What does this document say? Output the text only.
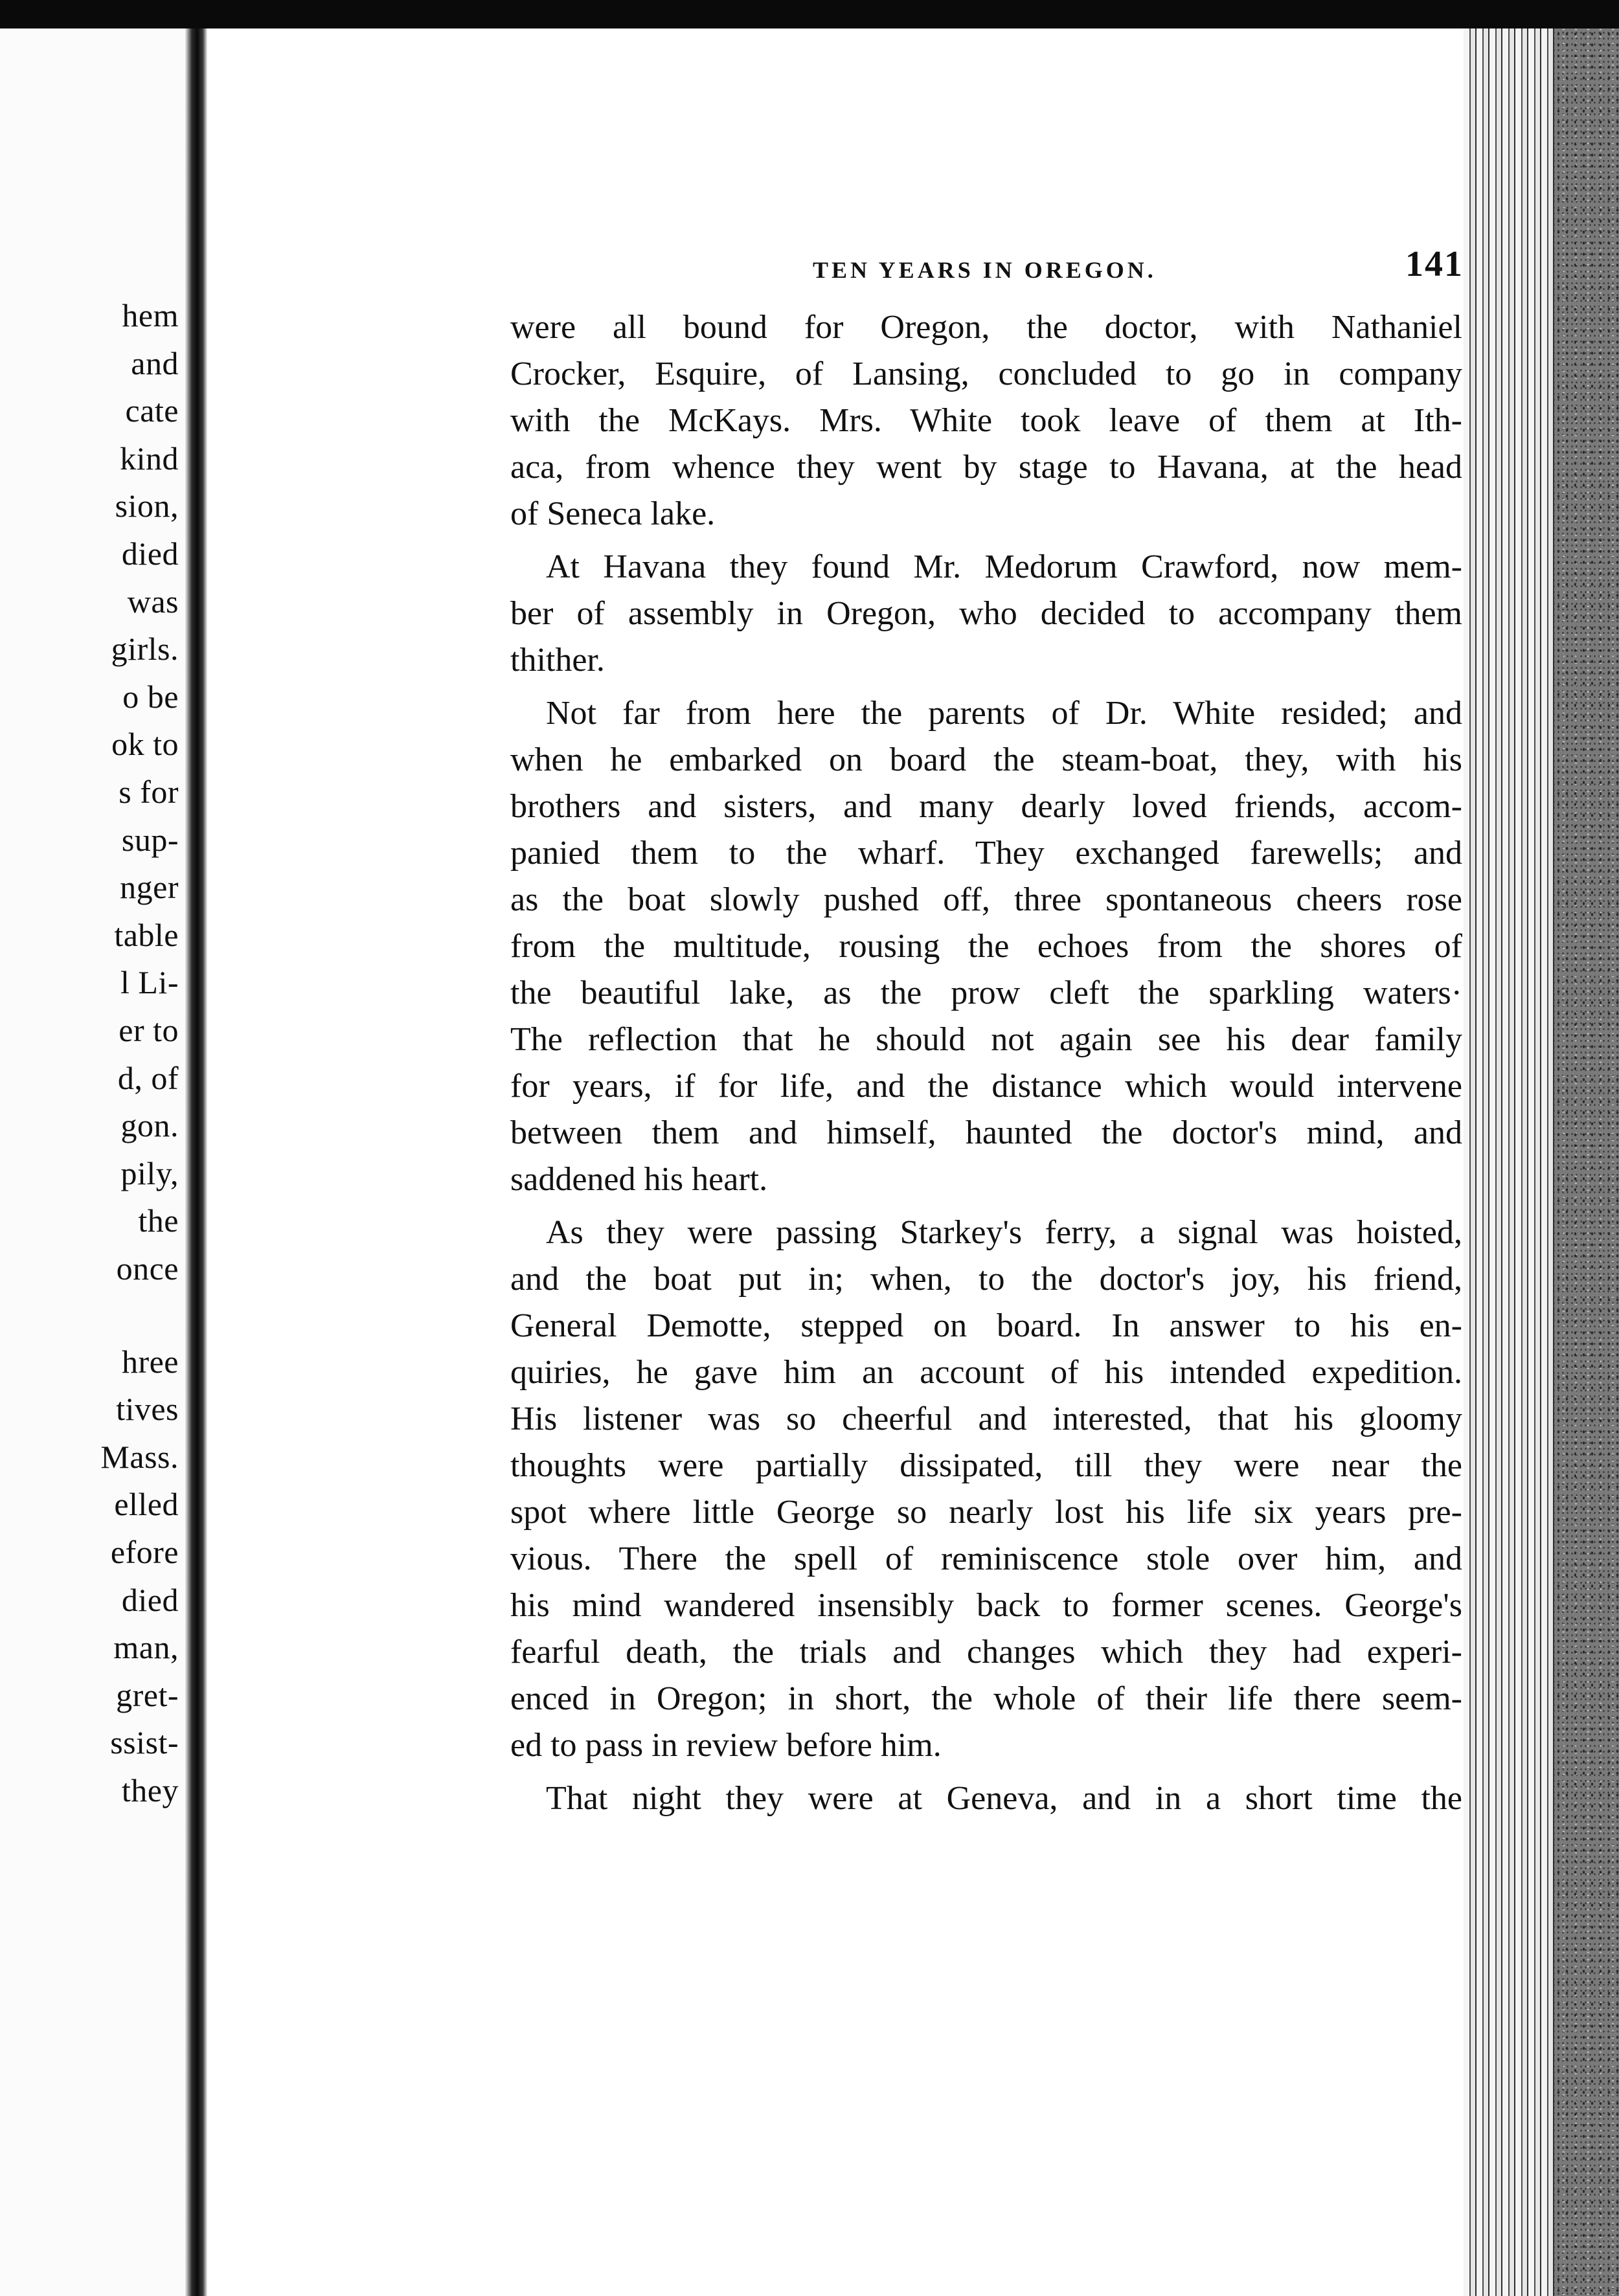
hem
and
cate
kind
sion,
died
was
girls.
o be
ok to
s for
sup-
nger
table
l Li-
er to
d, of
gon.
pily,
the
once
hree
tives
Mass.
elled
efore
died
man,
gret-
ssist-
they
TEN YEARS IN OREGON.	141
were all bound for Oregon, the doctor, with Nathaniel
Crocker, Esquire, of Lansing, concluded to go in company
with the McKays. Mrs. White took leave of them at Ith-
aca, from whence they went by stage to Havana, at the head
of Seneca lake.
At Havana they found Mr. Medorum Crawford, now mem-
ber of assembly in Oregon, who decided to accompany them
thither.
Not far from here the parents of Dr. White resided; and
when he embarked on board the steam-boat, they, with his
brothers and sisters, and many dearly loved friends, accom-
panied them to the wharf. They exchanged farewells; and
as the boat slowly pushed off, three spontaneous cheers rose
from the multitude, rousing the echoes from the shores of
the beautiful lake, as the prow cleft the sparkling waters·
The reflection that he should not again see his dear family
for years, if for life, and the distance which would intervene
between them and himself, haunted the doctor's mind, and
saddened his heart.
As they were passing Starkey's ferry, a signal was hoisted,
and the boat put in; when, to the doctor's joy, his friend,
General Demotte, stepped on board. In answer to his en-
quiries, he gave him an account of his intended expedition.
His listener was so cheerful and interested, that his gloomy
thoughts were partially dissipated, till they were near the
spot where little George so nearly lost his life six years pre-
vious. There the spell of reminiscence stole over him, and
his mind wandered insensibly back to former scenes. George's
fearful death, the trials and changes which they had experi-
enced in Oregon; in short, the whole of their life there seem-
ed to pass in review before him.
That night they were at Geneva, and in a short time the
